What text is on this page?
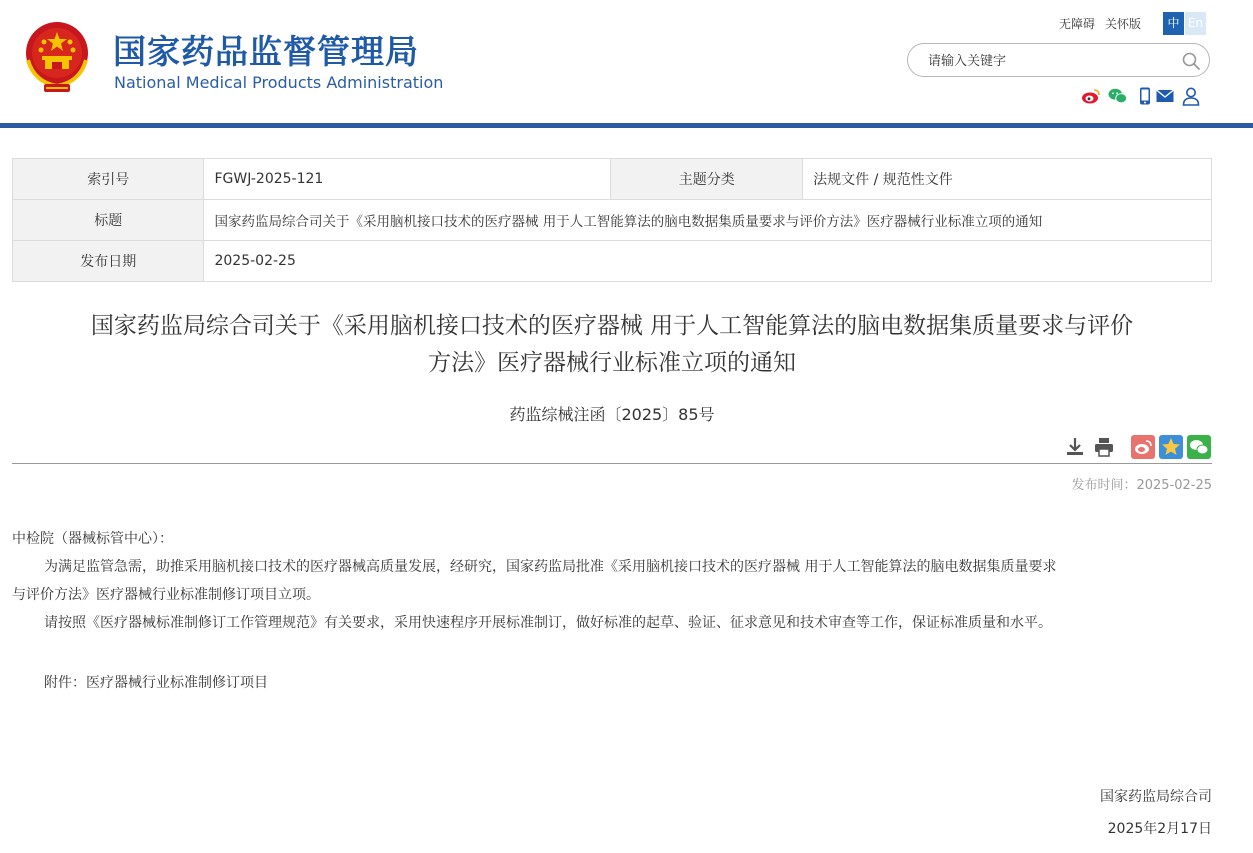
国家药品监督管理局
National Medical Products Administration
无障碍 关怀版	中 En
请输入关键字
索引号	FGWJ-2025-121	主题分类	法规文件 / 规范性文件
标题	国家药监局综合司关于《采用脑机接口技术的医疗器械 用于人工智能算法的脑电数据集质量要求与评价方法》医疗器械行业标准立项的通知		
发布日期	2025-02-25		
国家药监局综合司关于《采用脑机接口技术的医疗器械 用于人工智能算法的脑电数据集质量要求与评价
方法》医疗器械行业标准立项的通知
药监综械注函〔2025〕85号
发布时间：2025-02-25

中检院（器械标管中心）：

为满足监管急需，助推采用脑机接口技术的医疗器械高质量发展，经研究，国家药监局批准《采用脑机接口技术的医疗器械 用于人工智能算法的脑电数据集质量要求

与评价方法》医疗器械行业标准制修订项目立项。

请按照《医疗器械标准制修订工作管理规范》有关要求，采用快速程序开展标准制订，做好标准的起草、验证、征求意见和技术审查等工作，保证标准质量和水平。

附件：医疗器械行业标准制修订项目

国家药监局综合司
2025年2月17日
